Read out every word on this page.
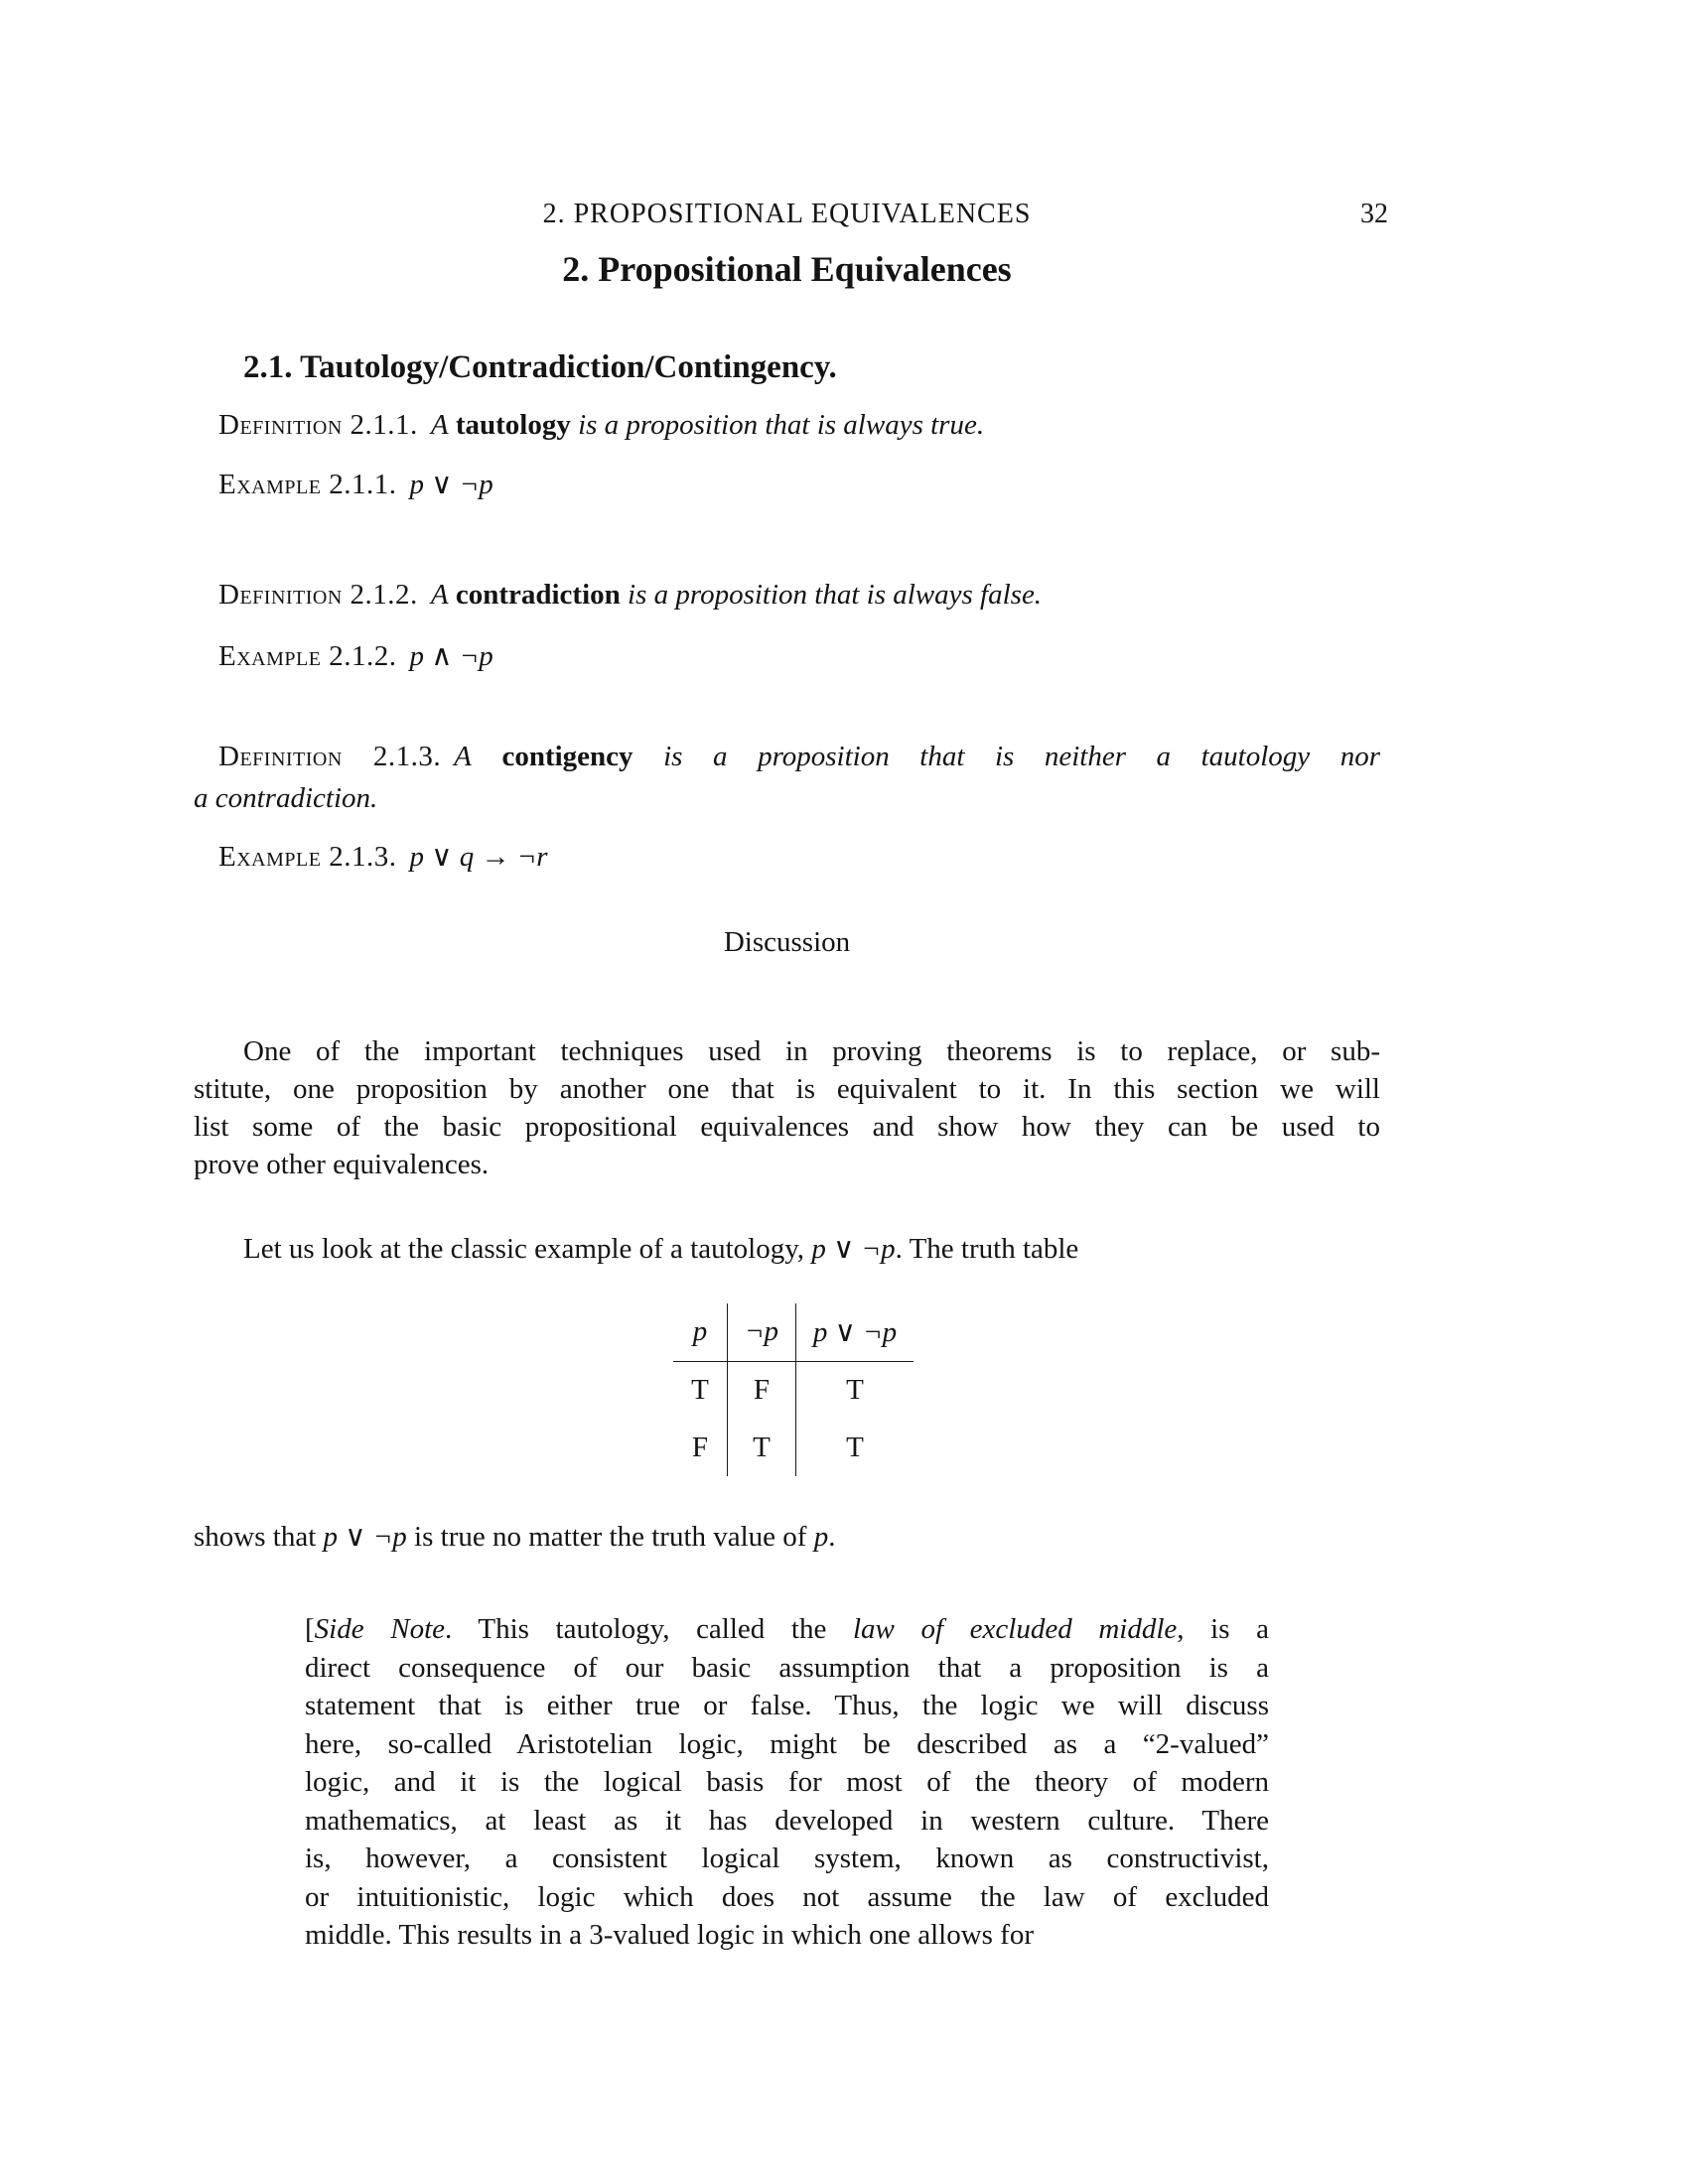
2. PROPOSITIONAL EQUIVALENCES	32
2. Propositional Equivalences
2.1. Tautology/Contradiction/Contingency.
Definition 2.1.1. A tautology is a proposition that is always true.
Example 2.1.1. p ∨ ¬p
Definition 2.1.2. A contradiction is a proposition that is always false.
Example 2.1.2. p ∧ ¬p
Definition 2.1.3. A contigency is a proposition that is neither a tautology nor
a contradiction.
Example 2.1.3. p ∨ q → ¬r
Discussion
One of the important techniques used in proving theorems is to replace, or sub-
stitute, one proposition by another one that is equivalent to it. In this section we will
list some of the basic propositional equivalences and show how they can be used to
prove other equivalences.
Let us look at the classic example of a tautology, p ∨ ¬p. The truth table
p	¬p	p ∨ ¬p
T	F	T
F	T	T
shows that p ∨ ¬p is true no matter the truth value of p.
[Side Note. This tautology, called the law of excluded middle, is a
direct consequence of our basic assumption that a proposition is a
statement that is either true or false. Thus, the logic we will discuss
here, so-called Aristotelian logic, might be described as a “2-valued”
logic, and it is the logical basis for most of the theory of modern
mathematics, at least as it has developed in western culture. There
is, however, a consistent logical system, known as constructivist,
or intuitionistic, logic which does not assume the law of excluded
middle. This results in a 3-valued logic in which one allows for
